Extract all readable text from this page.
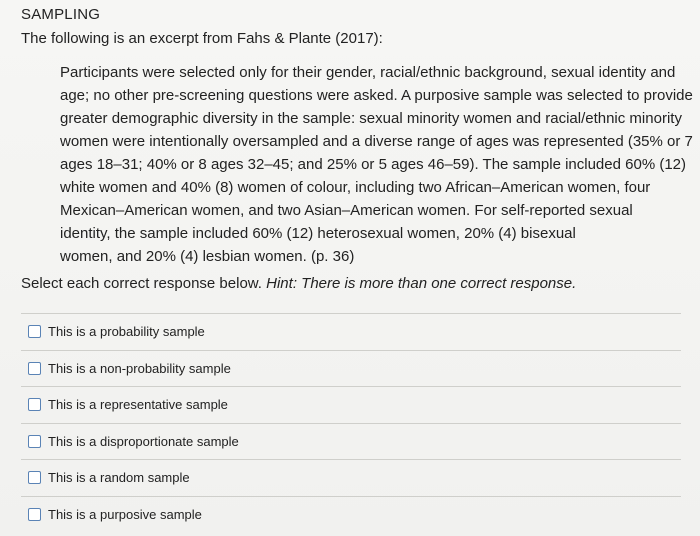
SAMPLING
The following is an excerpt from Fahs & Plante (2017):
Participants were selected only for their gender, racial/ethnic background, sexual identity and
age; no other pre-screening questions were asked. A purposive sample was selected to provide
greater demographic diversity in the sample: sexual minority women and racial/ethnic minority
women were intentionally oversampled and a diverse range of ages was represented (35% or 7
ages 18–31; 40% or 8 ages 32–45; and 25% or 5 ages 46–59). The sample included 60% (12)
white women and 40% (8) women of colour, including two African–American women, four
Mexican–American women, and two Asian–American women. For self-reported sexual
identity, the sample included 60% (12) heterosexual women, 20% (4) bisexual
women, and 20% (4) lesbian women. (p. 36)
Select each correct response below. Hint: There is more than one correct response.
This is a probability sample
This is a non-probability sample
This is a representative sample
This is a disproportionate sample
This is a random sample
This is a purposive sample
